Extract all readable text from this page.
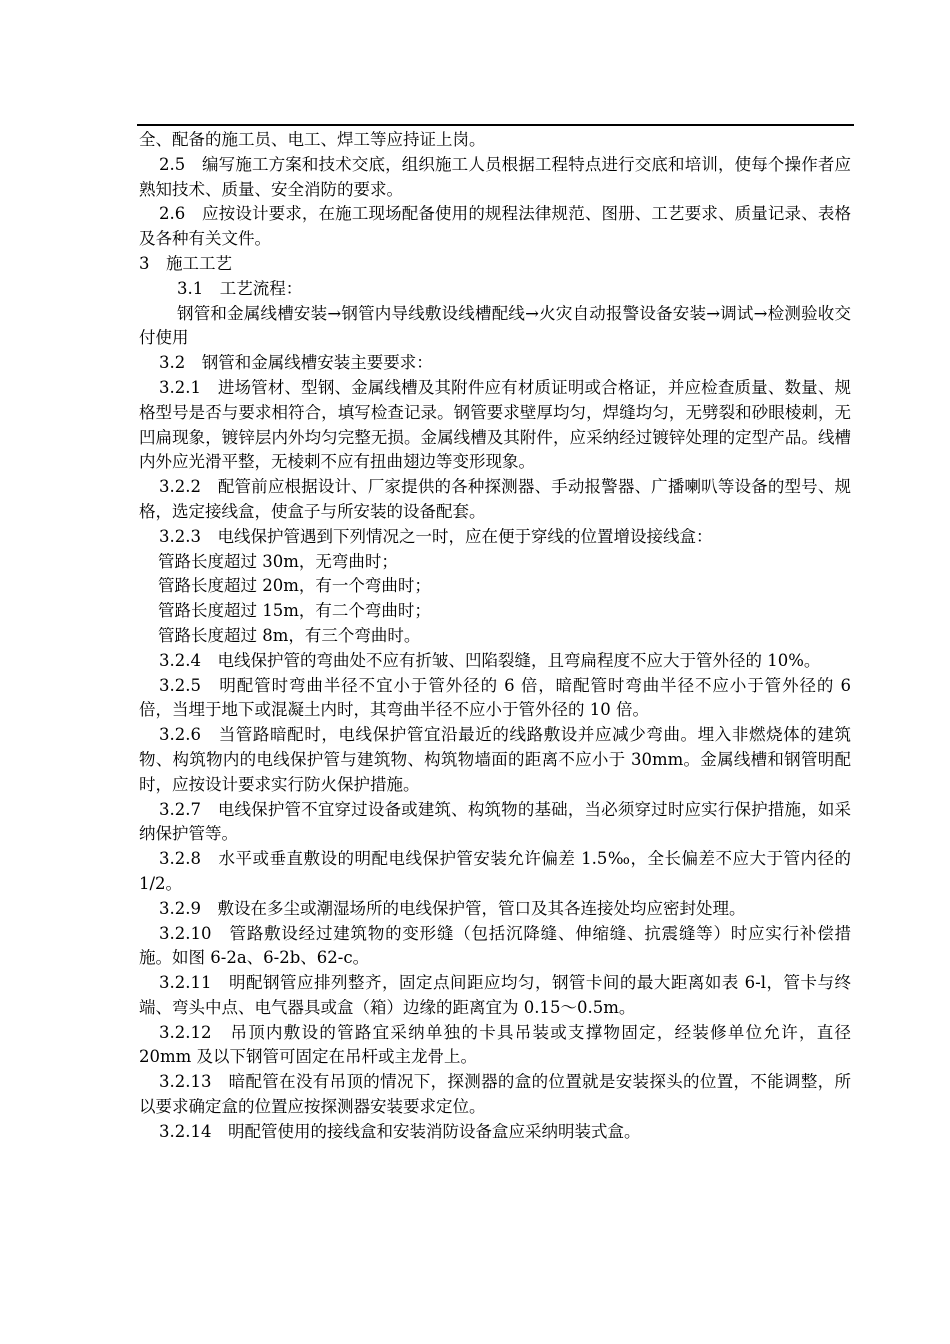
全、配备的施工员、电工、焊工等应持证上岗。

2.5　编写施工方案和技术交底，组织施工人员根据工程特点进行交底和培训，使每个操作者应熟知技术、质量、安全消防的要求。

2.6　应按设计要求，在施工现场配备使用的规程法律规范、图册、工艺要求、质量记录、表格及各种有关文件。

3　施工工艺

3.1　工艺流程：

钢管和金属线槽安装→钢管内导线敷设线槽配线→火灾自动报警设备安装→调试→检测验收交付使用

3.2　钢管和金属线槽安装主要要求：

3.2.1　进场管材、型钢、金属线槽及其附件应有材质证明或合格证，并应检查质量、数量、规格型号是否与要求相符合，填写检查记录。钢管要求壁厚均匀，焊缝均匀，无劈裂和砂眼棱刺，无凹扁现象，镀锌层内外均匀完整无损。金属线槽及其附件，应采纳经过镀锌处理的定型产品。线槽内外应光滑平整，无棱刺不应有扭曲翅边等变形现象。

3.2.2　配管前应根据设计、厂家提供的各种探测器、手动报警器、广播喇叭等设备的型号、规格，选定接线盒，使盒子与所安装的设备配套。

3.2.3　电线保护管遇到下列情况之一时，应在便于穿线的位置增设接线盒：

管路长度超过 30m，无弯曲时；

管路长度超过 20m，有一个弯曲时；

管路长度超过 15m，有二个弯曲时；

管路长度超过 8m，有三个弯曲时。

3.2.4　电线保护管的弯曲处不应有折皱、凹陷裂缝，且弯扁程度不应大于管外径的 10%。

3.2.5　明配管时弯曲半径不宜小于管外径的 6 倍，暗配管时弯曲半径不应小于管外径的 6 倍，当埋于地下或混凝土内时，其弯曲半径不应小于管外径的 10 倍。

3.2.6　当管路暗配时，电线保护管宜沿最近的线路敷设并应减少弯曲。埋入非燃烧体的建筑物、构筑物内的电线保护管与建筑物、构筑物墙面的距离不应小于 30mm。金属线槽和钢管明配时，应按设计要求实行防火保护措施。

3.2.7　电线保护管不宜穿过设备或建筑、构筑物的基础，当必须穿过时应实行保护措施，如采纳保护管等。

3.2.8　水平或垂直敷设的明配电线保护管安装允许偏差 1.5‰，全长偏差不应大于管内径的 1/2。

3.2.9　敷设在多尘或潮湿场所的电线保护管，管口及其各连接处均应密封处理。

3.2.10　管路敷设经过建筑物的变形缝（包括沉降缝、伸缩缝、抗震缝等）时应实行补偿措施。如图 6-2a、6-2b、62-c。

3.2.11　明配钢管应排列整齐，固定点间距应均匀，钢管卡间的最大距离如表 6-l，管卡与终端、弯头中点、电气器具或盒（箱）边缘的距离宜为 0.15～0.5m。

3.2.12　吊顶内敷设的管路宜采纳单独的卡具吊装或支撑物固定，经装修单位允许，直径 20mm 及以下钢管可固定在吊杆或主龙骨上。

3.2.13　暗配管在没有吊顶的情况下，探测器的盒的位置就是安装探头的位置，不能调整，所以要求确定盒的位置应按探测器安装要求定位。

3.2.14　明配管使用的接线盒和安装消防设备盒应采纳明装式盒。
